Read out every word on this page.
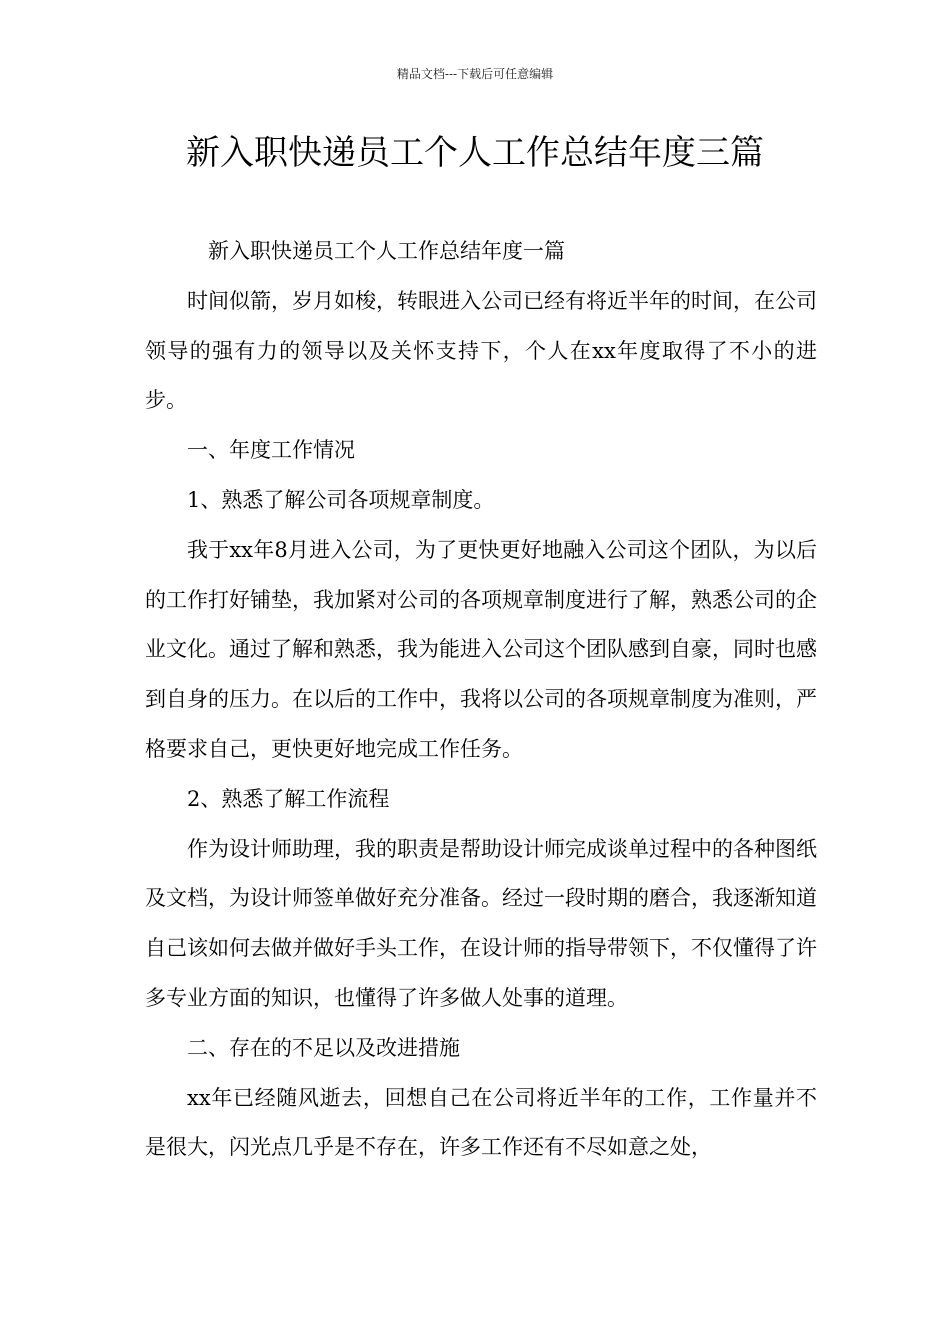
精品文档---下载后可任意编辑
新入职快递员工个人工作总结年度三篇

新入职快递员工个人工作总结年度一篇

时间似箭，岁月如梭，转眼进入公司已经有将近半年的时间，在公司领导的强有力的领导以及关怀支持下，个人在xx年度取得了不小的进步。

一、年度工作情况

1、熟悉了解公司各项规章制度。

我于xx年8月进入公司，为了更快更好地融入公司这个团队，为以后的工作打好铺垫，我加紧对公司的各项规章制度进行了解，熟悉公司的企业文化。通过了解和熟悉，我为能进入公司这个团队感到自豪，同时也感到自身的压力。在以后的工作中，我将以公司的各项规章制度为准则，严格要求自己，更快更好地完成工作任务。

2、熟悉了解工作流程

作为设计师助理，我的职责是帮助设计师完成谈单过程中的各种图纸及文档，为设计师签单做好充分准备。经过一段时期的磨合，我逐渐知道自己该如何去做并做好手头工作，在设计师的指导带领下，不仅懂得了许多专业方面的知识，也懂得了许多做人处事的道理。

二、存在的不足以及改进措施

xx年已经随风逝去，回想自己在公司将近半年的工作，工作量并不是很大，闪光点几乎是不存在，许多工作还有不尽如意之处，
